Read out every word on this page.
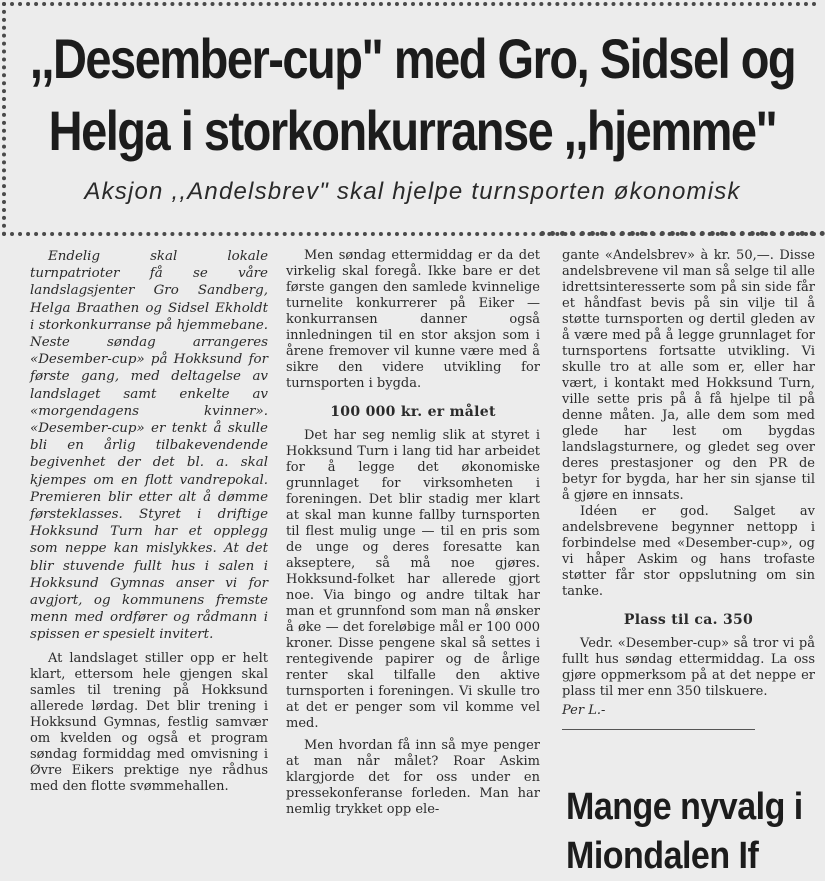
,,Desember-cup" med Gro, Sidsel og
Helga i storkonkurranse ,,hjemme"
Aksjon ,,Andelsbrev" skal hjelpe turnsporten økonomisk

Endelig skal lokale turnpatrioter få se våre landslagsjenter Gro Sandberg, Helga Braathen og Sidsel Ekholdt i storkonkurranse på hjemmebane. Neste søndag arrangeres «Desember-cup» på Hokksund for første gang, med deltagelse av landslaget samt enkelte av «morgendagens kvinner». «Desember-cup» er tenkt å skulle bli en årlig tilbakevendende begivenhet der det bl. a. skal kjempes om en flott vandrepokal. Premieren blir etter alt å dømme førsteklasses. Styret i driftige Hokksund Turn har et opplegg som neppe kan mislykkes. At det blir stuvende fullt hus i salen i Hokksund Gymnas anser vi for avgjort, og kommunens fremste menn med ordfører og rådmann i spissen er spesielt invitert.

At landslaget stiller opp er helt klart, ettersom hele gjengen skal samles til trening på Hokksund allerede lørdag. Det blir trening i Hokksund Gymnas, festlig samvær om kvelden og også et program søndag formiddag med omvisning i Øvre Eikers prektige nye rådhus med den flotte svømmehallen.

Men søndag ettermiddag er da det virkelig skal foregå. Ikke bare er det første gangen den samlede kvinnelige turnelite konkurrerer på Eiker — konkurransen danner også innledningen til en stor aksjon som i årene fremover vil kunne være med å sikre den videre utvikling for turnsporten i bygda.

100 000 kr. er målet

Det har seg nemlig slik at styret i Hokksund Turn i lang tid har arbeidet for å legge det økonomiske grunnlaget for virksomheten i foreningen. Det blir stadig mer klart at skal man kunne fallby turnsporten til flest mulig unge — til en pris som de unge og deres foresatte kan akseptere, så må noe gjøres. Hokksund-folket har allerede gjort noe. Via bingo og andre tiltak har man et grunnfond som man nå ønsker å øke — det foreløbige mål er 100 000 kroner. Disse pengene skal så settes i rentegivende papirer og de årlige renter skal tilfalle den aktive turnsporten i foreningen. Vi skulle tro at det er penger som vil komme vel med.

Men hvordan få inn så mye penger at man når målet? Roar Askim klargjorde det for oss under en pressekonferanse forleden. Man har nemlig trykket opp ele-

gante «Andelsbrev» à kr. 50,—. Disse andelsbrevene vil man så selge til alle idrettsinteresserte som på sin side får et håndfast bevis på sin vilje til å støtte turnsporten og dertil gleden av å være med på å legge grunnlaget for turnsportens fortsatte utvikling. Vi skulle tro at alle som er, eller har vært, i kontakt med Hokksund Turn, ville sette pris på å få hjelpe til på denne måten. Ja, alle dem som med glede har lest om bygdas landslagsturnere, og gledet seg over deres prestasjoner og den PR de betyr for bygda, har her sin sjanse til å gjøre en innsats.

Idéen er god. Salget av andelsbrevene begynner nettopp i forbindelse med «Desember-cup», og vi håper Askim og hans trofaste støtter får stor oppslutning om sin tanke.

Plass til ca. 350

Vedr. «Desember-cup» så tror vi på fullt hus søndag ettermiddag. La oss gjøre oppmerksom på at det neppe er plass til mer enn 350 tilskuere.

Per L.-

Mange nyvalg i
Miondalen If
